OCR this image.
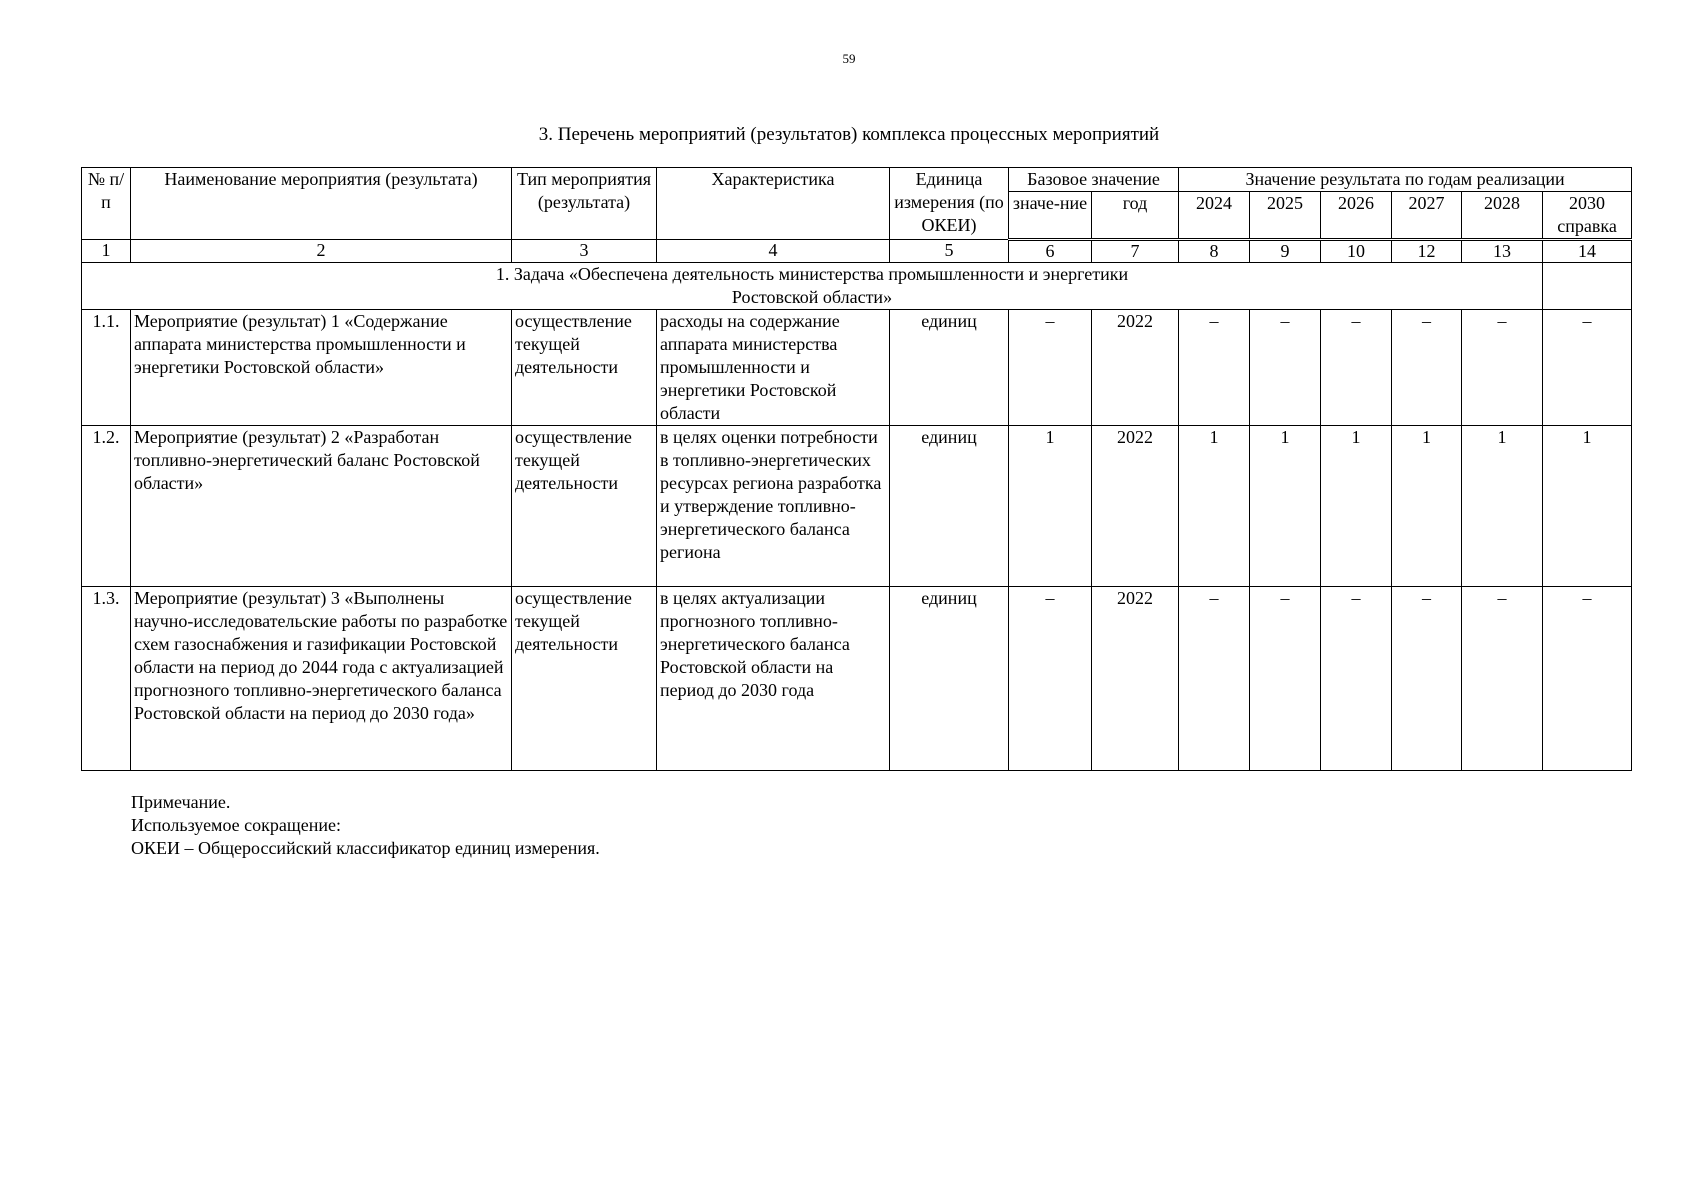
59
3. Перечень мероприятий (результатов) комплекса процессных мероприятий
№ п/п	Наименование мероприятия (результата)	Тип мероприятия (результата)	Характеристика	Единица измерения (по ОКЕИ)	Базовое значение		Значение результата по годам реализации					
					значе-ние	год	2024	2025	2026	2027	2028	2030 справка
1	2	3	4	5	6	7	8	9	10	12	13	14
1. Задача «Обеспечена деятельность министерства промышленности и энергетики Ростовской области»												
1.1.	Мероприятие (результат) 1 «Содержание аппарата министерства промышленности и энергетики Ростовской области»	осуществление текущей деятельности	расходы на содержание аппарата министерства промышленности и энергетики Ростовской области	единиц	–	2022	–	–	–	–	–	–
1.2.	Мероприятие (результат) 2 «Разработан топливно-энергетический баланс Ростовской области»	осуществление текущей деятельности	в целях оценки потребности в топливно-энергетических ресурсах региона разработка и утверждение топливно-энергетического баланса региона	единиц	1	2022	1	1	1	1	1	1
1.3.	Мероприятие (результат) 3 «Выполнены научно-исследовательские работы по разработке схем газоснабжения и газификации Ростовской области на период до 2044 года с актуализацией прогнозного топливно-энергетического баланса Ростовской области на период до 2030 года»	осуществление текущей деятельности	в целях актуализации прогнозного топливно-энергетического баланса Ростовской области на период до 2030 года	единиц	–	2022	–	–	–	–	–	–
Примечание.
Используемое сокращение:
ОКЕИ – Общероссийский классификатор единиц измерения.
